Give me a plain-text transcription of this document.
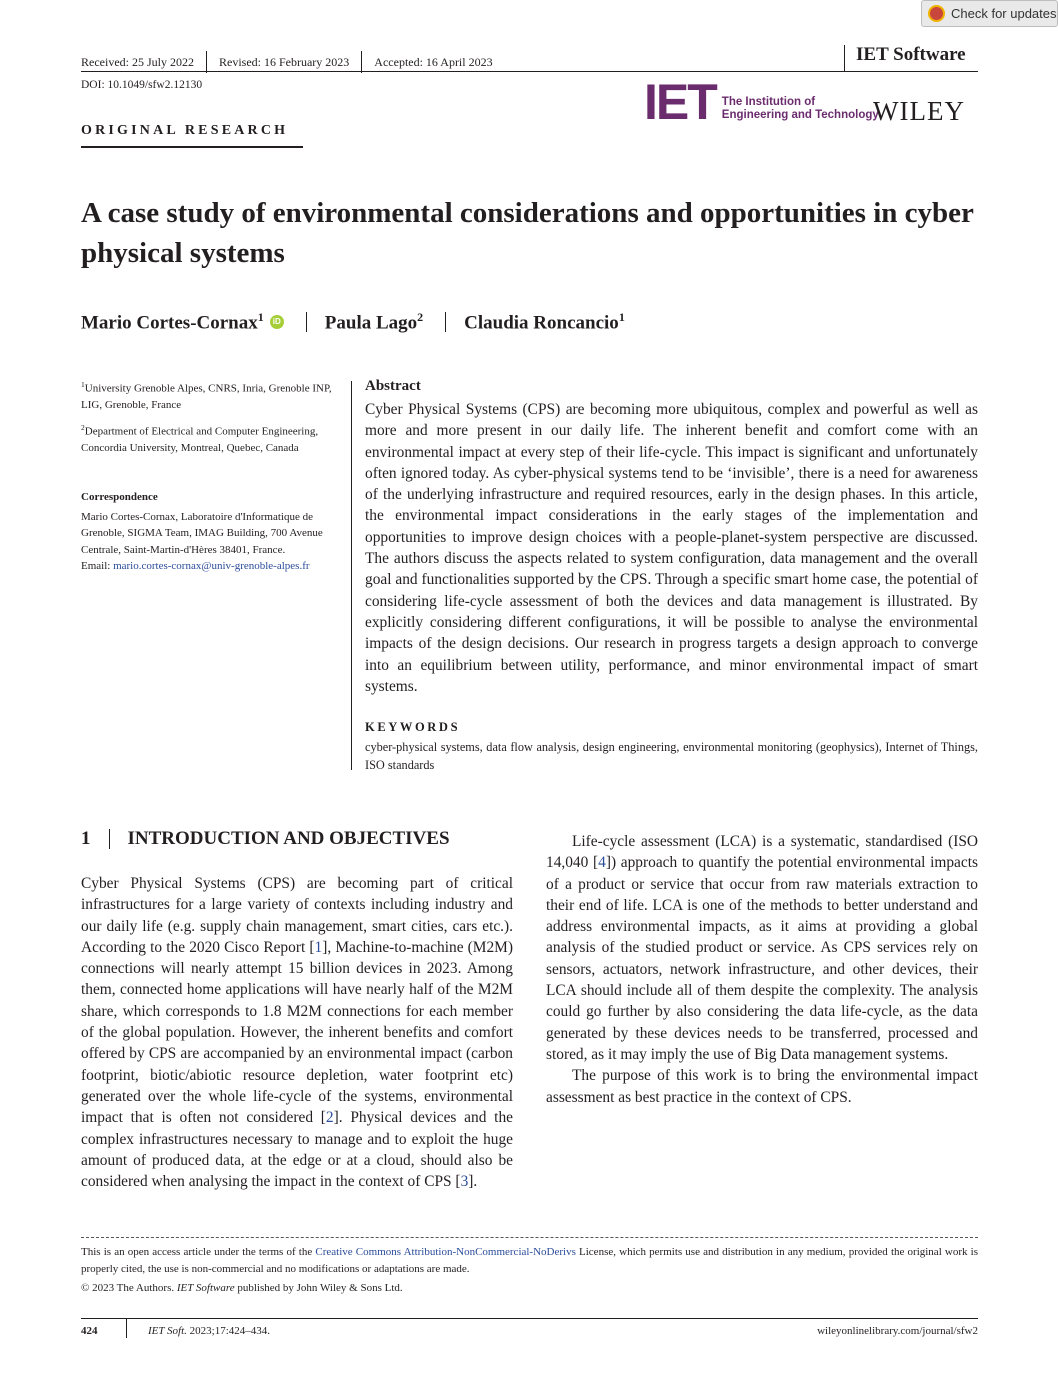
Check for updates
Received: 25 July 2022 Revised: 16 February 2023 Accepted: 16 April 2023	IET Software
DOI: 10.1049/sfw2.12130	IET The Institution of
Engineering and Technology
WILEY
ORIGINAL RESEARCH
A case study of environmental considerations and opportunities in cyber physical systems
Mario Cortes-Cornax$^1$	iD Paula Lago$^2$ Claudia Roncancio$^1$

$^1$University Grenoble Alpes, CNRS, Inria, Grenoble INP, LIG, Grenoble, France

$^2$Department of Electrical and Computer Engineering, Concordia University, Montreal, Quebec, Canada

Correspondence
Mario Cortes-Cornax, Laboratoire d'Informatique de Grenoble, SIGMA Team, IMAG Building, 700 Avenue Centrale, Saint-Martin-d'Hères 38401, France.
Email: mario.cortes-cornax@univ-grenoble-alpes.fr
Abstract
Cyber Physical Systems (CPS) are becoming more ubiquitous, complex and powerful as well as more and more present in our daily life. The inherent benefit and comfort come with an environmental impact at every step of their life-cycle. This impact is significant and unfortunately often ignored today. As cyber-physical systems tend to be ‘invisible’, there is a need for awareness of the underlying infrastructure and required resources, early in the design phases. In this article, the environmental impact considerations in the early stages of the implementation and opportunities to improve design choices with a people-planet-system perspective are discussed. The authors discuss the aspects related to system configuration, data management and the overall goal and functionalities supported by the CPS. Through a specific smart home case, the potential of considering life-cycle assessment of both the devices and data management is illustrated. By explicitly considering different configurations, it will be possible to analyse the environmental impacts of the design decisions. Our research in progress targets a design approach to converge into an equilibrium between utility, performance, and minor environmental impact of smart systems.
KEYWORDS
cyber-physical systems, data flow analysis, design engineering, environmental monitoring (geophysics), Internet of Things, ISO standards
1 INTRODUCTION AND OBJECTIVES

Cyber Physical Systems (CPS) are becoming part of critical infrastructures for a large variety of contexts including industry and our daily life (e.g. supply chain management, smart cities, cars etc.). According to the 2020 Cisco Report [1], Machine-to-machine (M2M) connections will nearly attempt 15 billion devices in 2023. Among them, connected home applications will have nearly half of the M2M share, which corresponds to 1.8 M2M connections for each member of the global population. However, the inherent benefits and comfort offered by CPS are accompanied by an environmental impact (carbon footprint, biotic/abiotic resource depletion, water footprint etc) generated over the whole life-cycle of the systems, environmental impact that is often not considered [2]. Physical devices and the complex infrastructures necessary to manage and to exploit the huge amount of produced data, at the edge or at a cloud, should also be considered when analysing the impact in the context of CPS [3].

Life-cycle assessment (LCA) is a systematic, standardised (ISO 14,040 [4]) approach to quantify the potential environmental impacts of a product or service that occur from raw materials extraction to their end of life. LCA is one of the methods to better understand and address environmental impacts, as it aims at providing a global analysis of the studied product or service. As CPS services rely on sensors, actuators, network infrastructure, and other devices, their LCA should include all of them despite the complexity. The analysis could go further by also considering the data life-cycle, as the data generated by these devices needs to be transferred, processed and stored, as it may imply the use of Big Data management systems.

The purpose of this work is to bring the environmental impact assessment as best practice in the context of CPS.

This is an open access article under the terms of the Creative Commons Attribution-NonCommercial-NoDerivs License, which permits use and distribution in any medium, provided the original work is properly cited, the use is non-commercial and no modifications or adaptations are made.
© 2023 The Authors. IET Software published by John Wiley & Sons Ltd.
424	IET Soft. 2023;17:424–434.	wileyonlinelibrary.com/journal/sfw2
